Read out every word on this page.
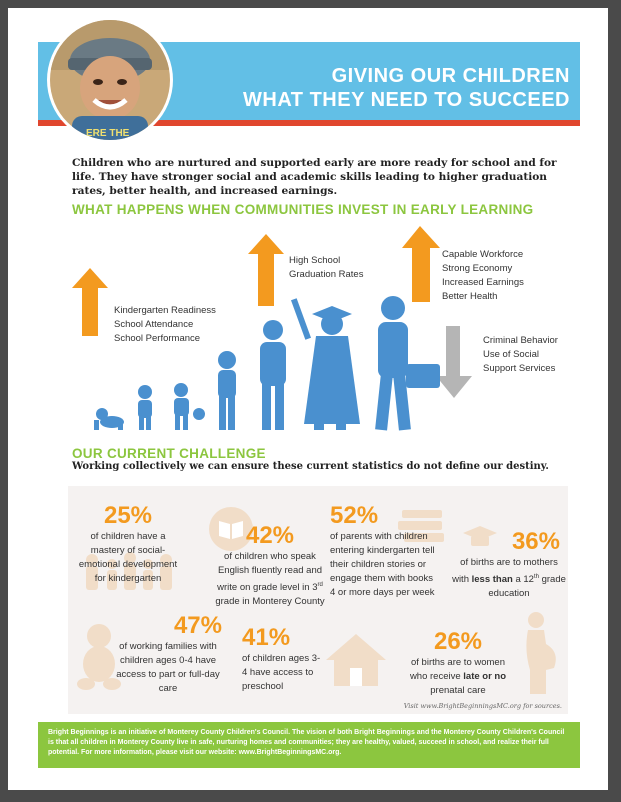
ERE THE
GIVING OUR CHILDREN
WHAT THEY NEED TO SUCCEED
Children who are nurtured and supported early are more ready for school and for life. They have stronger social and academic skills leading to higher graduation rates, better health, and increased earnings.
WHAT HAPPENS WHEN COMMUNITIES INVEST IN EARLY LEARNING
Kindergarten Readiness
School Attendance
School Performance
High School
Graduation Rates
Capable Workforce
Strong Economy
Increased Earnings
Better Health
Criminal Behavior
Use of Social
Support Services
OUR CURRENT CHALLENGE
Working collectively we can ensure these current statistics do not define our destiny.
25%
of children have a mastery of social-emotional development for kindergarten
42%
of children who speak English fluently read and write on grade level in 3rd grade in Monterey County
52%
of parents with children entering kindergarten tell their children stories or engage them with books 4 or more days per week
36%
of births are to mothers with less than a 12th grade education
47%
of working families with children ages 0-4 have access to part or full-day care
41%
of children ages 3-4 have access to preschool
26%
of births are to women who receive late or no prenatal care
Visit www.BrightBeginningsMC.org for sources.
Bright Beginnings is an initiative of Monterey County Children's Council. The vision of both Bright Beginnings and the Monterey County Children's Council is that all children in Monterey County live in safe, nurturing homes and communities; they are healthy, valued, succeed in school, and realize their full potential. For more information, please visit our website: www.BrightBeginningsMC.org.
